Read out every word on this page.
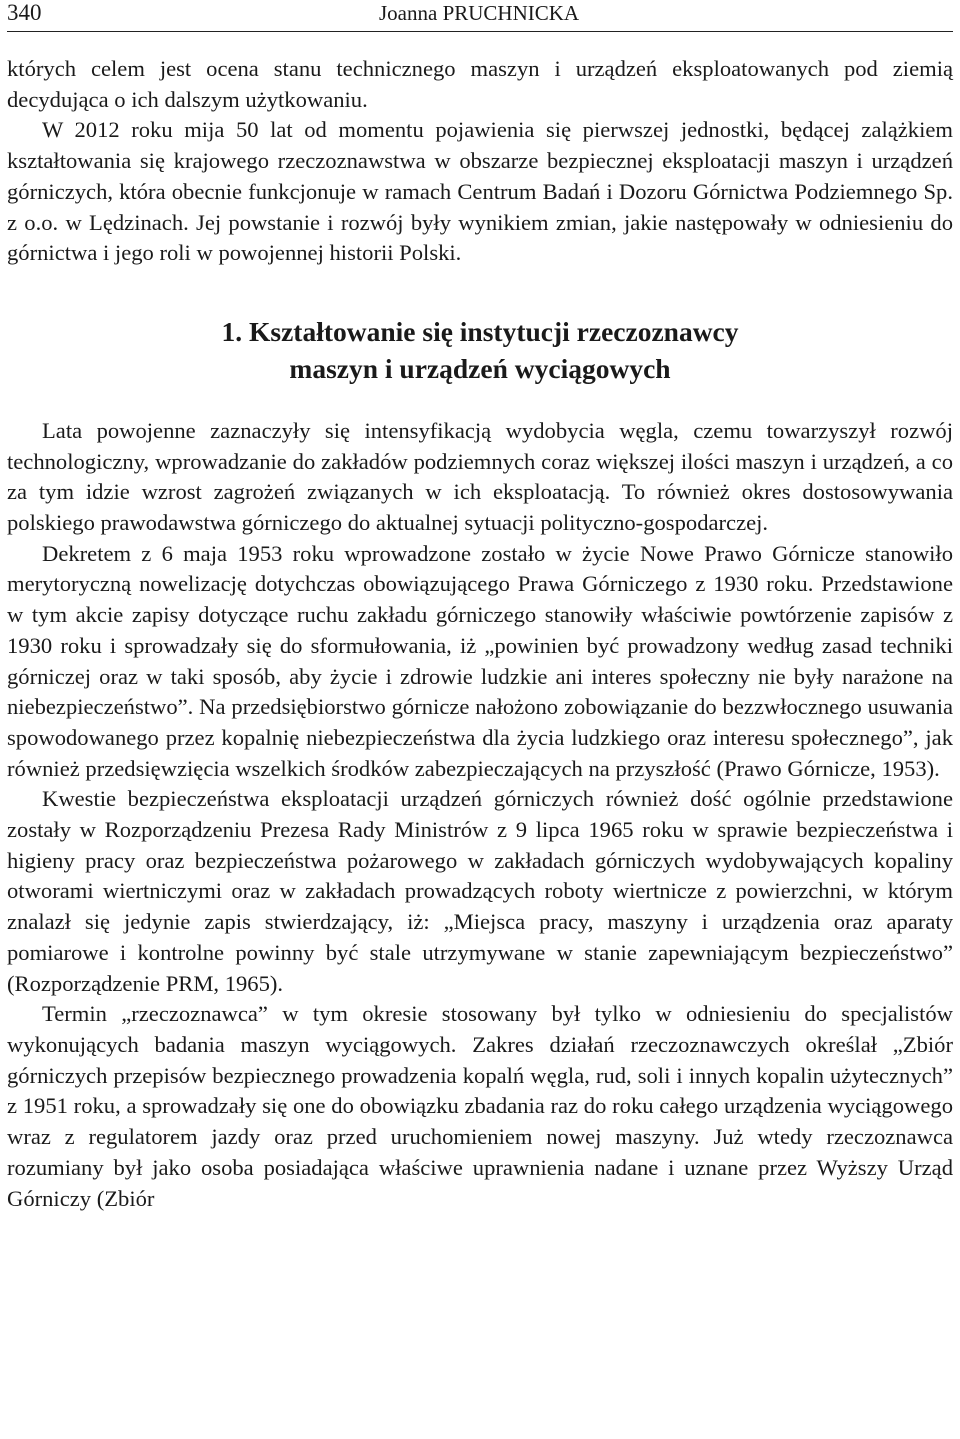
340	Joanna PRUCHNICKA

których celem jest ocena stanu technicznego maszyn i urządzeń eksploatowanych pod ziemią decydująca o ich dalszym użytkowaniu.

W 2012 roku mija 50 lat od momentu pojawienia się pierwszej jednostki, będącej zalążkiem kształtowania się krajowego rzeczoznawstwa w obszarze bezpiecznej eksploatacji maszyn i urządzeń górniczych, która obecnie funkcjonuje w ramach Centrum Badań i Dozoru Górnictwa Podziemnego Sp. z o.o. w Lędzinach. Jej powstanie i rozwój były wynikiem zmian, jakie następowały w odniesieniu do górnictwa i jego roli w powojennej historii Polski.

1. Kształtowanie się instytucji rzeczoznawcy
maszyn i urządzeń wyciągowych

Lata powojenne zaznaczyły się intensyfikacją wydobycia węgla, czemu towarzyszył rozwój technologiczny, wprowadzanie do zakładów podziemnych coraz większej ilości maszyn i urządzeń, a co za tym idzie wzrost zagrożeń związanych w ich eksploatacją. To również okres dostosowywania polskiego prawodawstwa górniczego do aktualnej sytuacji polityczno-gospodarczej.

Dekretem z 6 maja 1953 roku wprowadzone zostało w życie Nowe Prawo Górnicze stanowiło merytoryczną nowelizację dotychczas obowiązującego Prawa Górniczego z 1930 roku. Przedstawione w tym akcie zapisy dotyczące ruchu zakładu górniczego stanowiły właściwie powtórzenie zapisów z 1930 roku i sprowadzały się do sformułowania, iż „powinien być prowadzony według zasad techniki górniczej oraz w taki sposób, aby życie i zdrowie ludzkie ani interes społeczny nie były narażone na niebezpieczeństwo”. Na przedsiębiorstwo górnicze nałożono zobowiązanie do bezzwłocznego usuwania spowodowanego przez kopalnię niebezpieczeństwa dla życia ludzkiego oraz interesu społecznego”, jak również przedsięwzięcia wszelkich środków zabezpieczających na przyszłość (Prawo Górnicze, 1953).

Kwestie bezpieczeństwa eksploatacji urządzeń górniczych również dość ogólnie przedstawione zostały w Rozporządzeniu Prezesa Rady Ministrów z 9 lipca 1965 roku w sprawie bezpieczeństwa i higieny pracy oraz bezpieczeństwa pożarowego w zakładach górniczych wydobywających kopaliny otworami wiertniczymi oraz w zakładach prowadzących roboty wiertnicze z powierzchni, w którym znalazł się jedynie zapis stwierdzający, iż: „Miejsca pracy, maszyny i urządzenia oraz aparaty pomiarowe i kontrolne powinny być stale utrzymywane w stanie zapewniającym bezpieczeństwo” (Rozporządzenie PRM, 1965).

Termin „rzeczoznawca” w tym okresie stosowany był tylko w odniesieniu do specjalistów wykonujących badania maszyn wyciągowych. Zakres działań rzeczoznawczych określał „Zbiór górniczych przepisów bezpiecznego prowadzenia kopalń węgla, rud, soli i innych kopalin użytecznych” z 1951 roku, a sprowadzały się one do obowiązku zbadania raz do roku całego urządzenia wyciągowego wraz z regulatorem jazdy oraz przed uruchomieniem nowej maszyny. Już wtedy rzeczoznawca rozumiany był jako osoba posiadająca właściwe uprawnienia nadane i uznane przez Wyższy Urząd Górniczy (Zbiór
